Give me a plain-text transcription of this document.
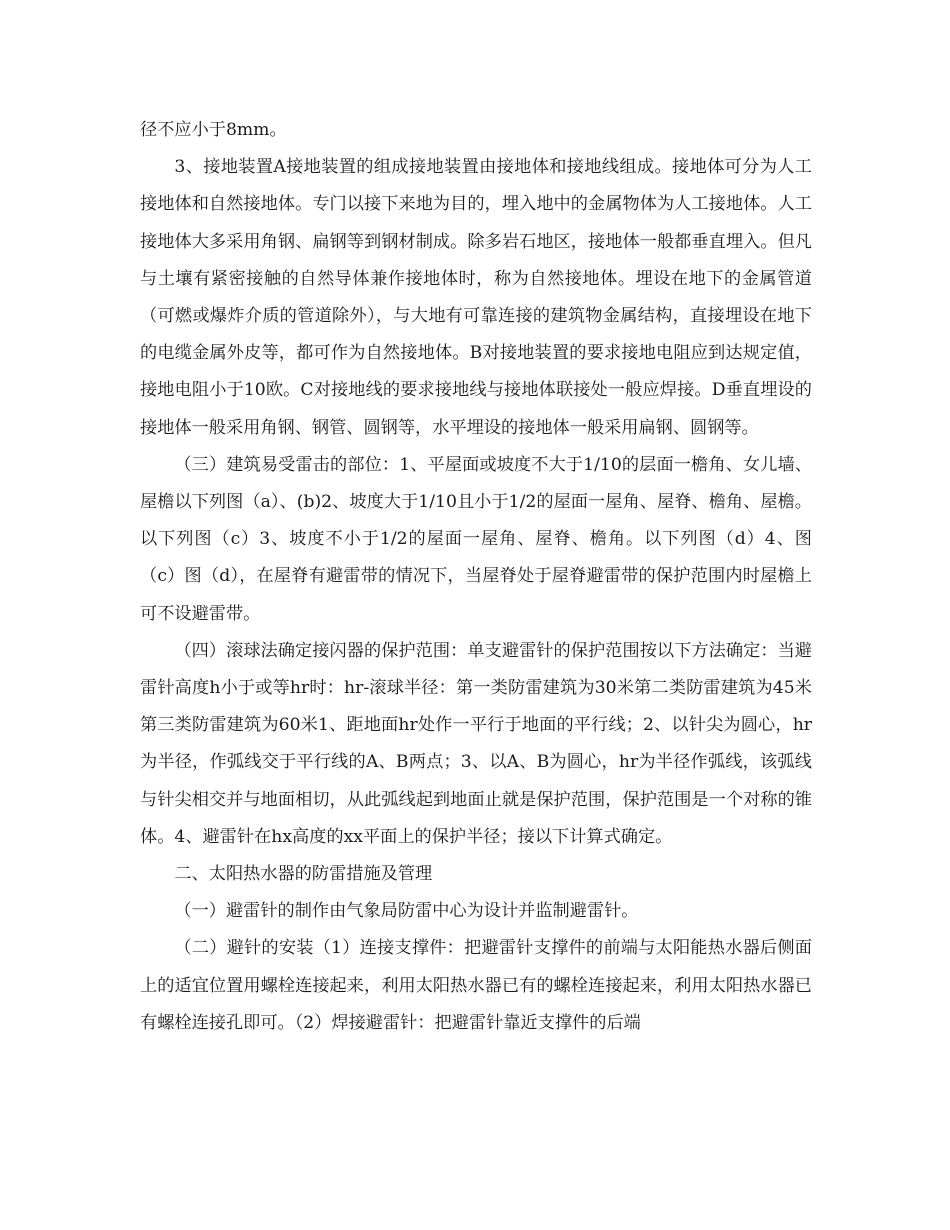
径不应小于8mm。

3、接地装置A接地装置的组成接地装置由接地体和接地线组成。接地体可分为人工接地体和自然接地体。专门以接下来地为目的，埋入地中的金属物体为人工接地体。人工接地体大多采用角钢、扁钢等到钢材制成。除多岩石地区，接地体一般都垂直埋入。但凡与土壤有紧密接触的自然导体兼作接地体时，称为自然接地体。埋设在地下的金属管道（可燃或爆炸介质的管道除外），与大地有可靠连接的建筑物金属结构，直接埋设在地下的电缆金属外皮等，都可作为自然接地体。B对接地装置的要求接地电阻应到达规定值，接地电阻小于10欧。C对接地线的要求接地线与接地体联接处一般应焊接。D垂直埋设的接地体一般采用角钢、钢管、圆钢等，水平埋设的接地体一般采用扁钢、圆钢等。

（三）建筑易受雷击的部位：1、平屋面或坡度不大于1/10的层面一檐角、女儿墙、屋檐以下列图（a）、(b)2、坡度大于1/10且小于1/2的屋面一屋角、屋脊、檐角、屋檐。以下列图（c）3、坡度不小于1/2的屋面一屋角、屋脊、檐角。以下列图（d）4、图（c）图（d），在屋脊有避雷带的情况下，当屋脊处于屋脊避雷带的保护范围内时屋檐上可不设避雷带。

（四）滚球法确定接闪器的保护范围：单支避雷针的保护范围按以下方法确定：当避雷针高度h小于或等hr时：hr-滚球半径：第一类防雷建筑为30米第二类防雷建筑为45米第三类防雷建筑为60米1、距地面hr处作一平行于地面的平行线；2、以针尖为圆心，hr为半径，作弧线交于平行线的A、B两点；3、以A、B为圆心，hr为半径作弧线，该弧线与针尖相交并与地面相切，从此弧线起到地面止就是保护范围，保护范围是一个对称的锥体。4、避雷针在hx高度的xx平面上的保护半径；接以下计算式确定。

二、太阳热水器的防雷措施及管理

（一）避雷针的制作由气象局防雷中心为设计并监制避雷针。

（二）避针的安装（1）连接支撑件：把避雷针支撑件的前端与太阳能热水器后侧面上的适宜位置用螺栓连接起来，利用太阳热水器已有的螺栓连接起来，利用太阳热水器已有螺栓连接孔即可。（2）焊接避雷针：把避雷针靠近支撑件的后端
